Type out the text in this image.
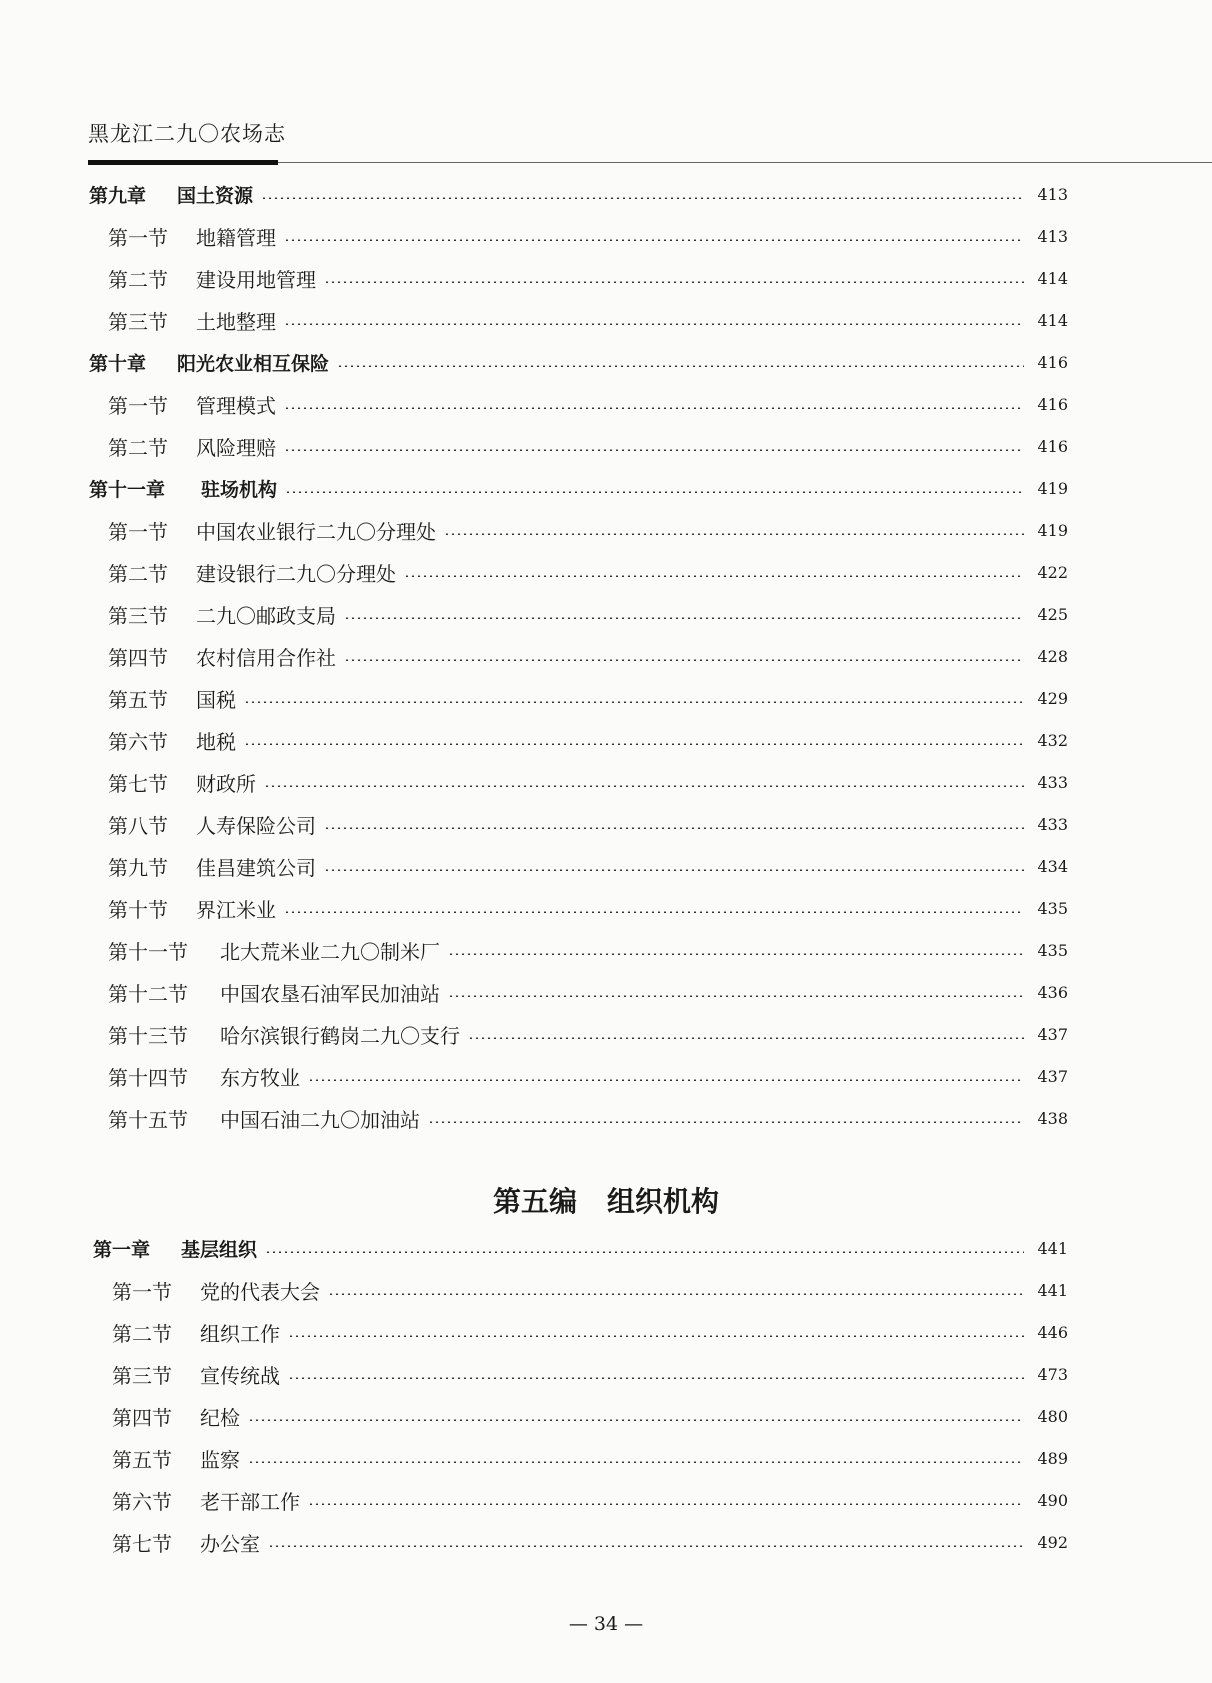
黑龙江二九〇农场志
第九章	国土资源	413
第一节	地籍管理	413
第二节	建设用地管理	414
第三节	土地整理	414
第十章	阳光农业相互保险	416
第一节	管理模式	416
第二节	风险理赔	416
第十一章	驻场机构	419
第一节	中国农业银行二九〇分理处	419
第二节	建设银行二九〇分理处	422
第三节	二九〇邮政支局	425
第四节	农村信用合作社	428
第五节	国税	429
第六节	地税	432
第七节	财政所	433
第八节	人寿保险公司	433
第九节	佳昌建筑公司	434
第十节	界江米业	435
第十一节	北大荒米业二九〇制米厂	435
第十二节	中国农垦石油军民加油站	436
第十三节	哈尔滨银行鹤岗二九〇支行	437
第十四节	东方牧业	437
第十五节	中国石油二九〇加油站	438
第一章	基层组织	441
第一节	党的代表大会	441
第二节	组织工作	446
第三节	宣传统战	473
第四节	纪检	480
第五节	监察	489
第六节	老干部工作	490
第七节	办公室	492
第五编 组织机构
— 34 —
